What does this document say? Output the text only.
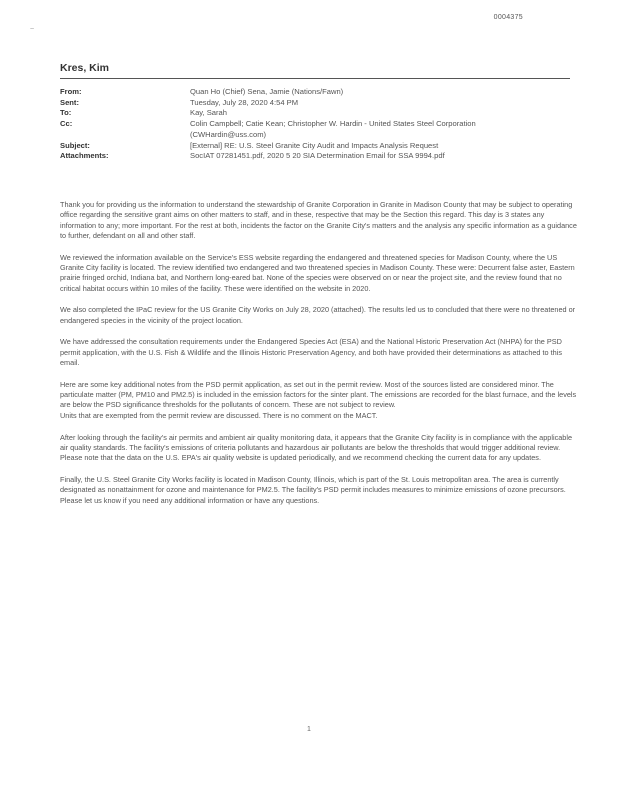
~
0004375
Kres, Kim
From:	Quan Ho (Chief) Sena, Jamie (Nations/Fawn)
Sent:	Tuesday, July 28, 2020 4:54 PM
To:	Kay, Sarah
Cc:	Colin Campbell; Catie Kean; Christopher W. Hardin - United States Steel Corporation
(CWHardin@uss.com)
Subject:	[External] RE: U.S. Steel Granite City Audit and Impacts Analysis Request
Attachments:	SocIAT 07281451.pdf, 2020 5 20 SIA Determination Email for SSA 9994.pdf

Thank you for providing us the information to understand the stewardship of Granite Corporation in Granite in Madison County that may be subject to operating office regarding the sensitive grant aims on other matters to staff, and in these, respective that may be the Section this regard. This day is 3 states any information to any; more important. For the rest at both, incidents the factor on the Granite City's matters and the analysis any specific information as a guidance to further, defendant on all and other staff.

We reviewed the information available on the Service's ESS website regarding the endangered and threatened species for Madison County, where the US Granite City facility is located. The review identified two endangered and two threatened species in Madison County. These were: Decurrent false aster, Eastern prairie fringed orchid, Indiana bat, and Northern long-eared bat. None of the species were observed on or near the project site, and the review found that no critical habitat occurs within 10 miles of the facility. These were identified on the website in 2020.

We also completed the IPaC review for the US Granite City Works on July 28, 2020 (attached). The results led us to concluded that there were no threatened or endangered species in the vicinity of the project location.

We have addressed the consultation requirements under the Endangered Species Act (ESA) and the National Historic Preservation Act (NHPA) for the PSD permit application, with the U.S. Fish & Wildlife and the Illinois Historic Preservation Agency, and both have provided their determinations as attached to this email.

Here are some key additional notes from the PSD permit application, as set out in the permit review. Most of the sources listed are considered minor. The particulate matter (PM, PM10 and PM2.5) is included in the emission factors for the sinter plant. The emissions are recorded for the blast furnace, and the levels are below the PSD significance thresholds for the pollutants of concern. These are not subject to review.

Units that are exempted from the permit review are discussed. There is no comment on the MACT.

After looking through the facility's air permits and ambient air quality monitoring data, it appears that the Granite City facility is in compliance with the applicable air quality standards. The facility's emissions of criteria pollutants and hazardous air pollutants are below the thresholds that would trigger additional review. Please note that the data on the U.S. EPA's air quality website is updated periodically, and we recommend checking the current data for any updates.

Finally, the U.S. Steel Granite City Works facility is located in Madison County, Illinois, which is part of the St. Louis metropolitan area. The area is currently designated as nonattainment for ozone and maintenance for PM2.5. The facility's PSD permit includes measures to minimize emissions of ozone precursors. Please let us know if you need any additional information or have any questions.

1
